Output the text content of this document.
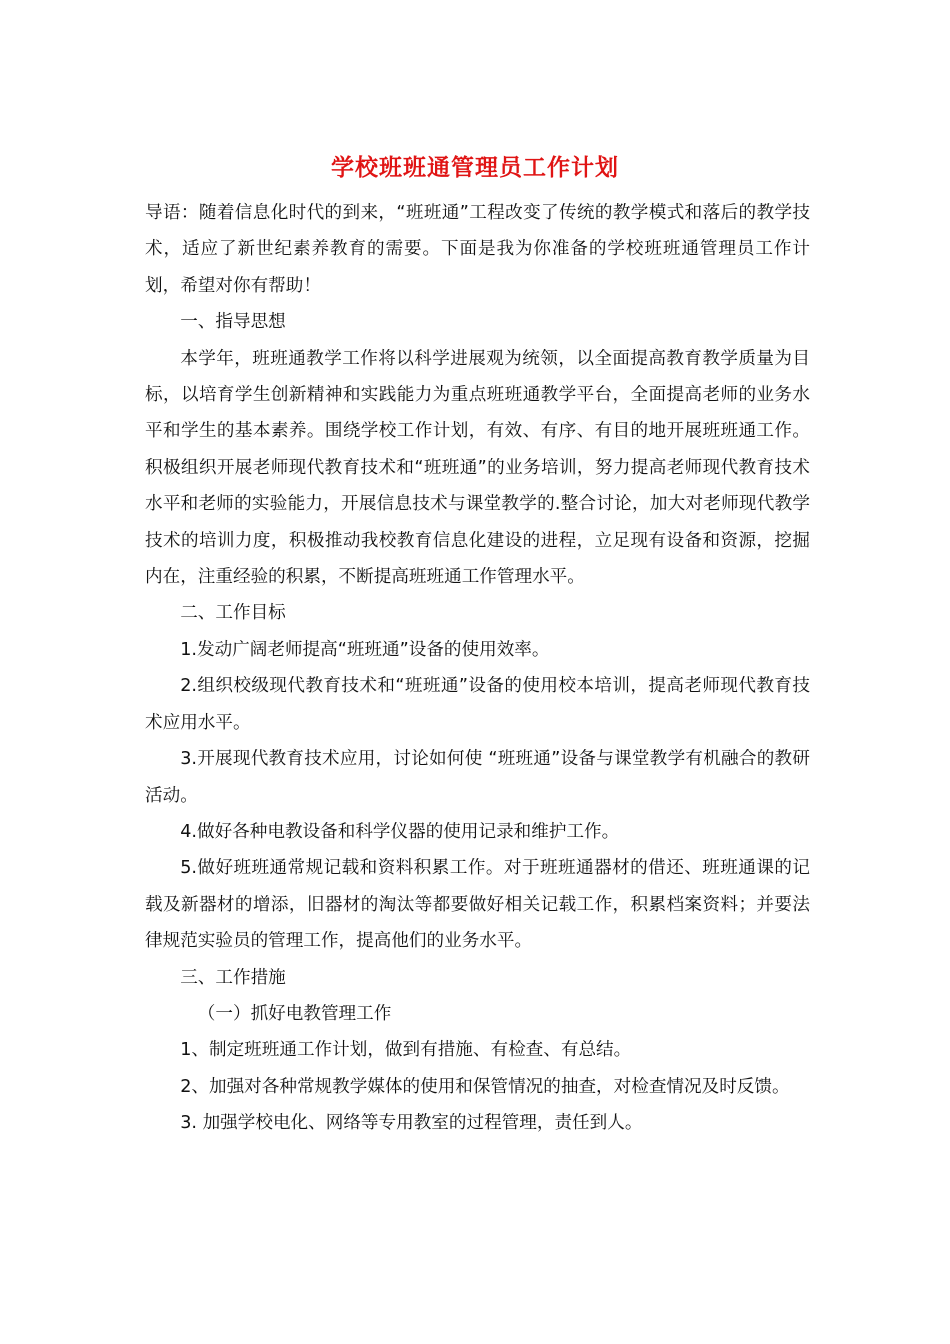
学校班班通管理员工作计划

导语：随着信息化时代的到来，“班班通”工程改变了传统的教学模式和落后的教学技术，适应了新世纪素养教育的需要。下面是我为你准备的学校班班通管理员工作计划，希望对你有帮助！

一、指导思想

本学年，班班通教学工作将以科学进展观为统领，以全面提高教育教学质量为目标，以培育学生创新精神和实践能力为重点班班通教学平台，全面提高老师的业务水平和学生的基本素养。围绕学校工作计划，有效、有序、有目的地开展班班通工作。积极组织开展老师现代教育技术和“班班通”的业务培训，努力提高老师现代教育技术水平和老师的实验能力，开展信息技术与课堂教学的.整合讨论，加大对老师现代教学技术的培训力度，积极推动我校教育信息化建设的进程，立足现有设备和资源，挖掘内在，注重经验的积累，不断提高班班通工作管理水平。

二、工作目标

1.发动广阔老师提高“班班通”设备的使用效率。

2.组织校级现代教育技术和“班班通”设备的使用校本培训，提高老师现代教育技术应用水平。

3.开展现代教育技术应用，讨论如何使 “班班通”设备与课堂教学有机融合的教研活动。

4.做好各种电教设备和科学仪器的使用记录和维护工作。

5.做好班班通常规记载和资料积累工作。对于班班通器材的借还、班班通课的记载及新器材的增添，旧器材的淘汰等都要做好相关记载工作，积累档案资料；并要法律规范实验员的管理工作，提高他们的业务水平。

三、工作措施

（一）抓好电教管理工作

1、制定班班通工作计划，做到有措施、有检查、有总结。

2、加强对各种常规教学媒体的使用和保管情况的抽查，对检查情况及时反馈。

3. 加强学校电化、网络等专用教室的过程管理，责任到人。
